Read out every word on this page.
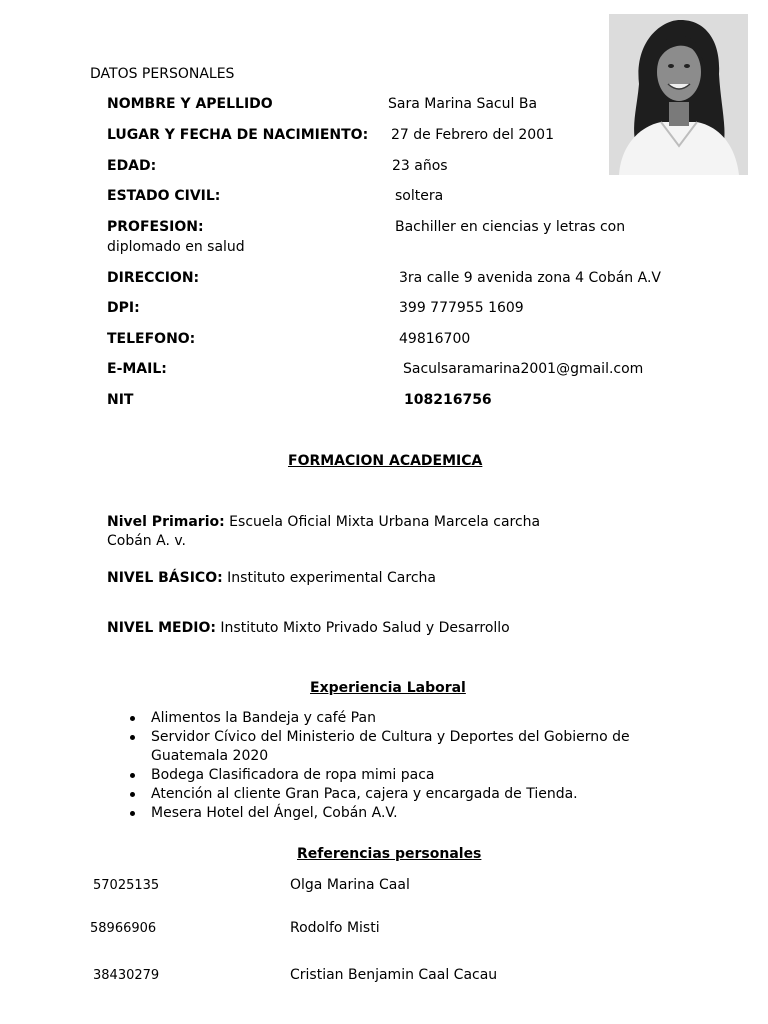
DATOS PERSONALES
NOMBRE Y APELLIDO	Sara Marina Sacul Ba
LUGAR Y FECHA DE NACIMIENTO: 27 de Febrero del 2001
EDAD:	23 años
ESTADO CIVIL:	soltera
PROFESION:	Bachiller en ciencias y letras con
diplomado en salud
DIRECCION:	3ra calle 9 avenida zona 4 Cobán A.V
DPI:	399 777955 1609
TELEFONO:	49816700
E-MAIL:	Saculsaramarina2001@gmail.com
NIT	108216756
FORMACION ACADEMICA
Nivel Primario: Escuela Oficial Mixta Urbana Marcela carcha
Cobán A. v.
NIVEL BÁSICO: Instituto experimental Carcha
NIVEL MEDIO: Instituto Mixto Privado Salud y Desarrollo
Experiencia Laboral
Alimentos la Bandeja y café Pan
Servidor Cívico del Ministerio de Cultura y Deportes del Gobierno de
Guatemala 2020
Bodega Clasificadora de ropa mimi paca
Atención al cliente Gran Paca, cajera y encargada de Tienda.
Mesera Hotel del Ángel, Cobán A.V.
Referencias personales
57025135	Olga Marina Caal
58966906	Rodolfo Misti
38430279	Cristian Benjamin Caal Cacau
